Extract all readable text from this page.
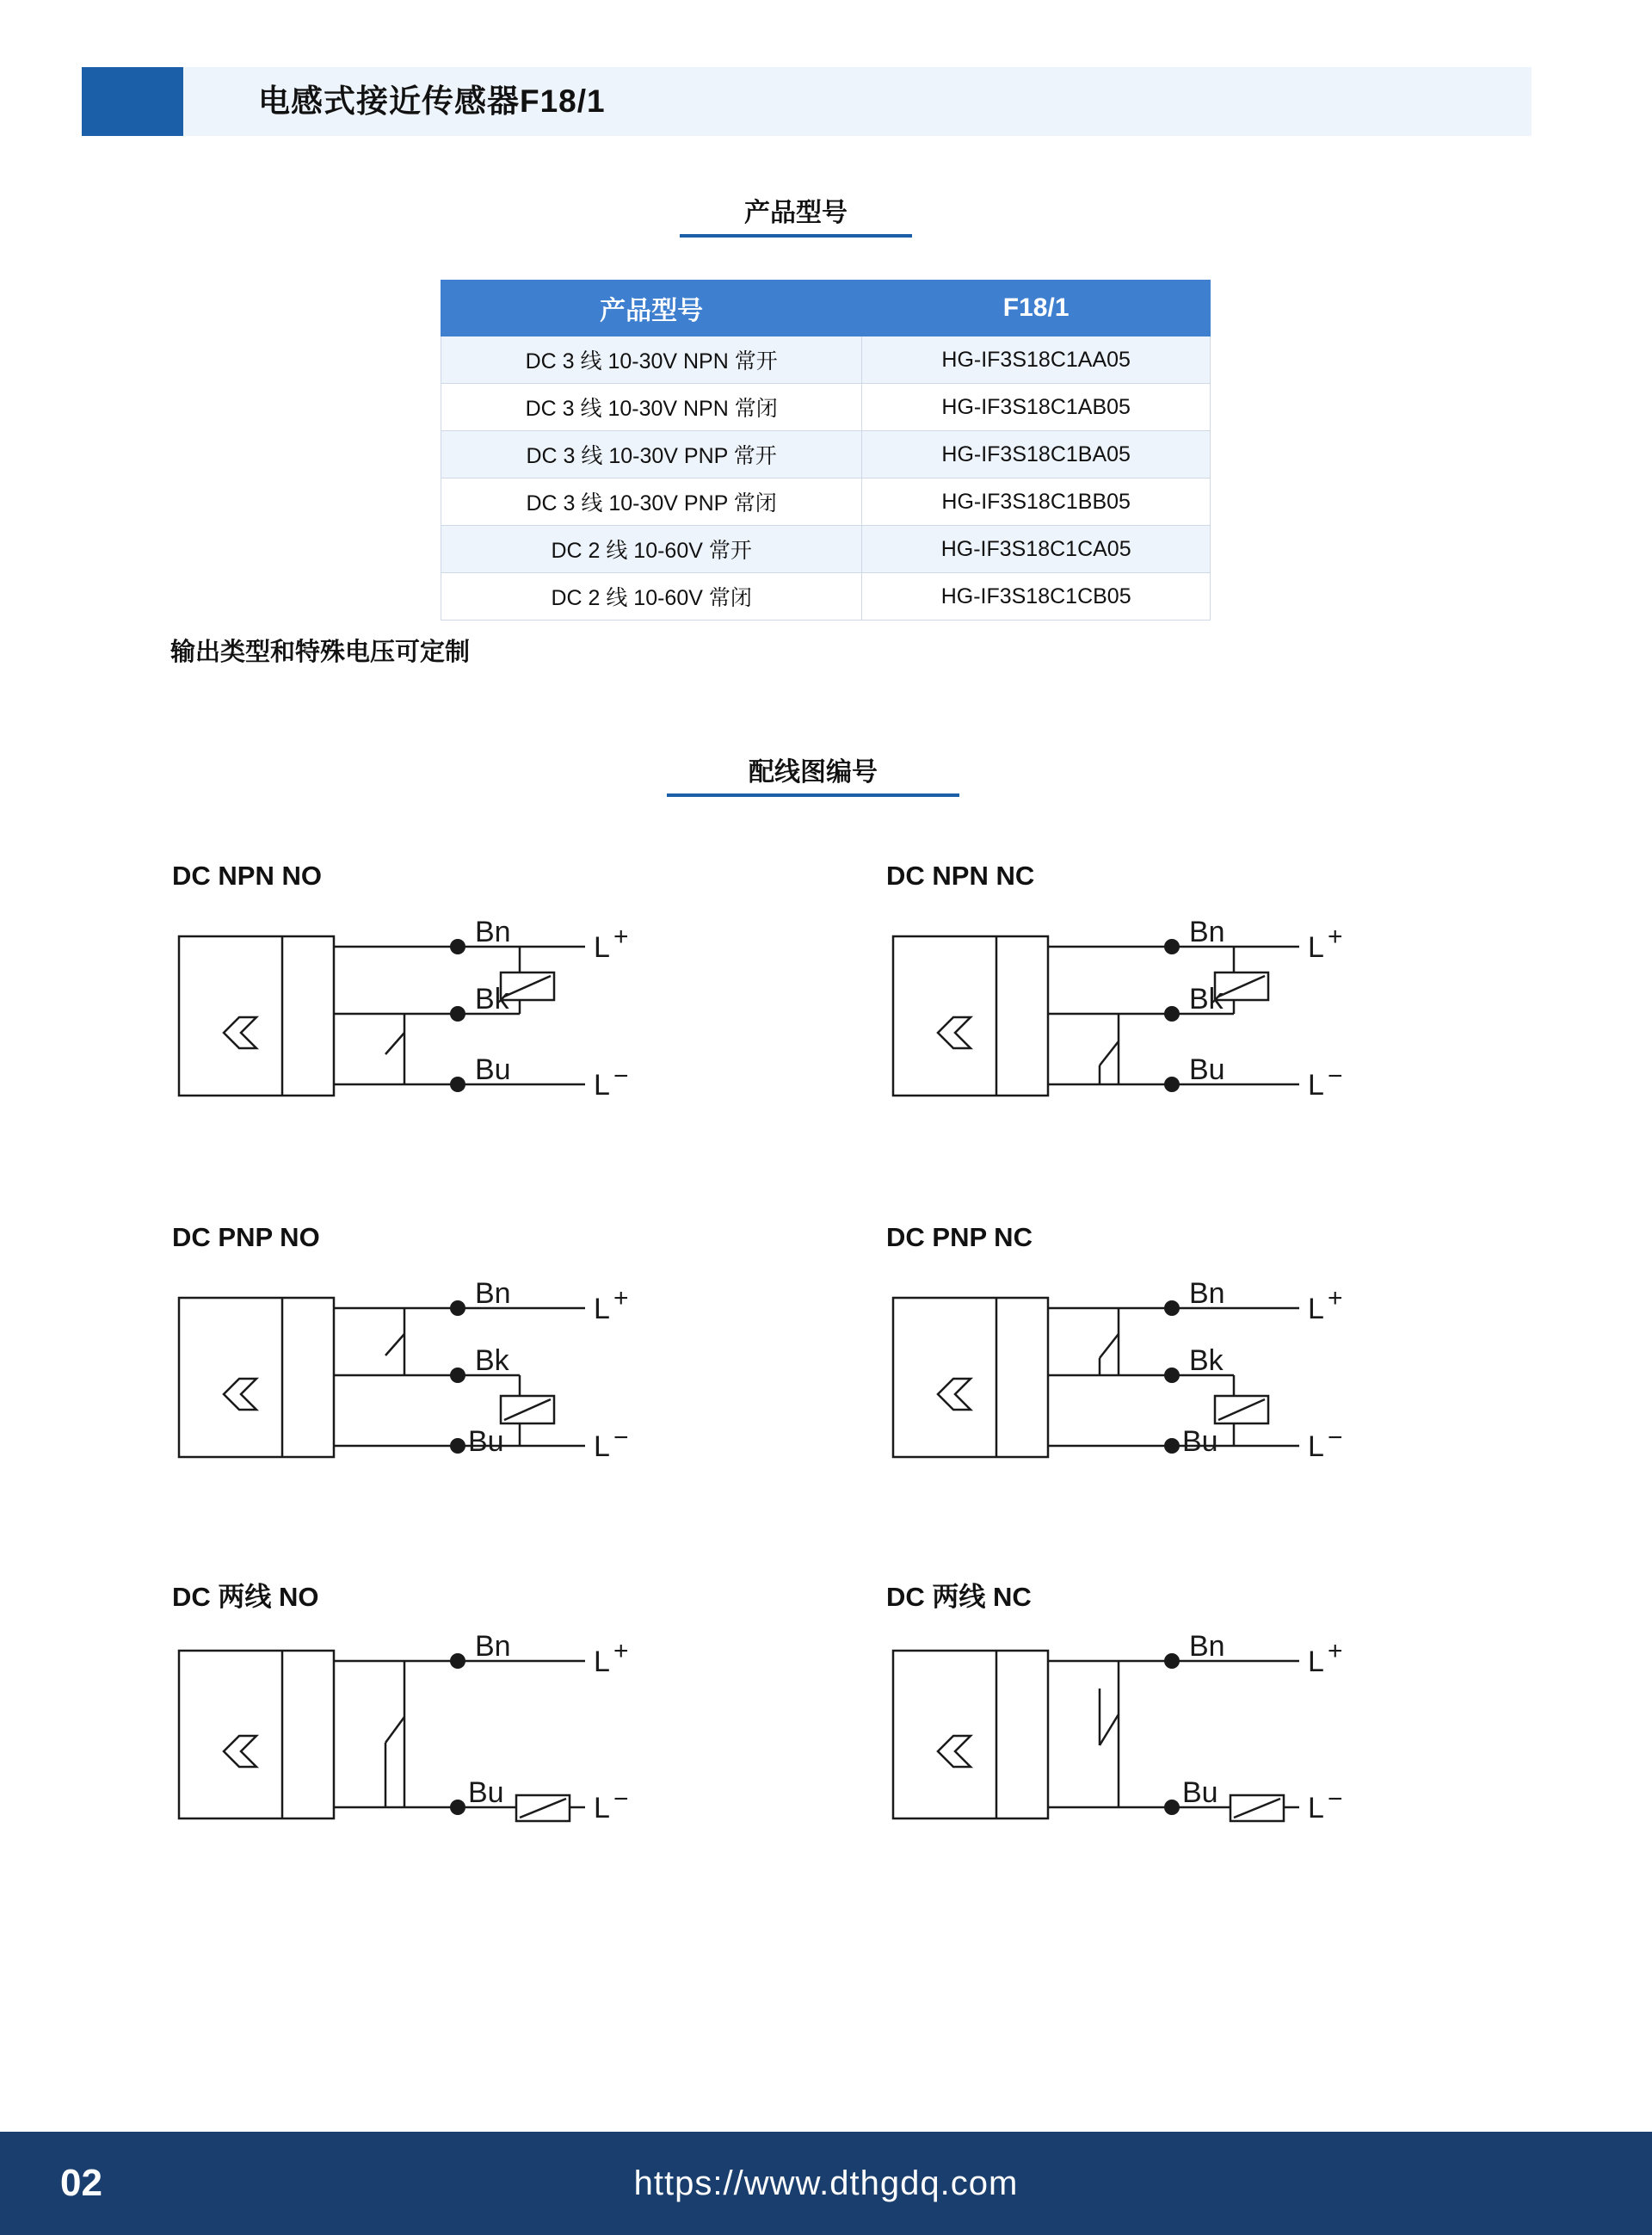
电感式接近传感器F18/1
产品型号
产品型号	F18/1
DC 3 线 10-30V NPN 常开	HG-IF3S18C1AA05
DC 3 线 10-30V NPN 常闭	HG-IF3S18C1AB05
DC 3 线 10-30V PNP 常开	HG-IF3S18C1BA05
DC 3 线 10-30V PNP 常闭	HG-IF3S18C1BB05
DC 2 线 10-60V 常开	HG-IF3S18C1CA05
DC 2 线 10-60V 常闭	HG-IF3S18C1CB05
输出类型和特殊电压可定制
配线图编号
DC NPN NO
Bn
Bk
Bu
L +
L −
DC NPN NC
Bn
Bk
Bu
L +
L −
DC PNP NO
Bn
Bk
Bu
L +
L −
DC PNP NC
Bn
Bk
Bu
L +
L −
DC 两线 NO
Bn
Bu
L +
L −
DC 两线 NC
Bn
Bu
L +
L −
https://www.dthgdq.com
02
